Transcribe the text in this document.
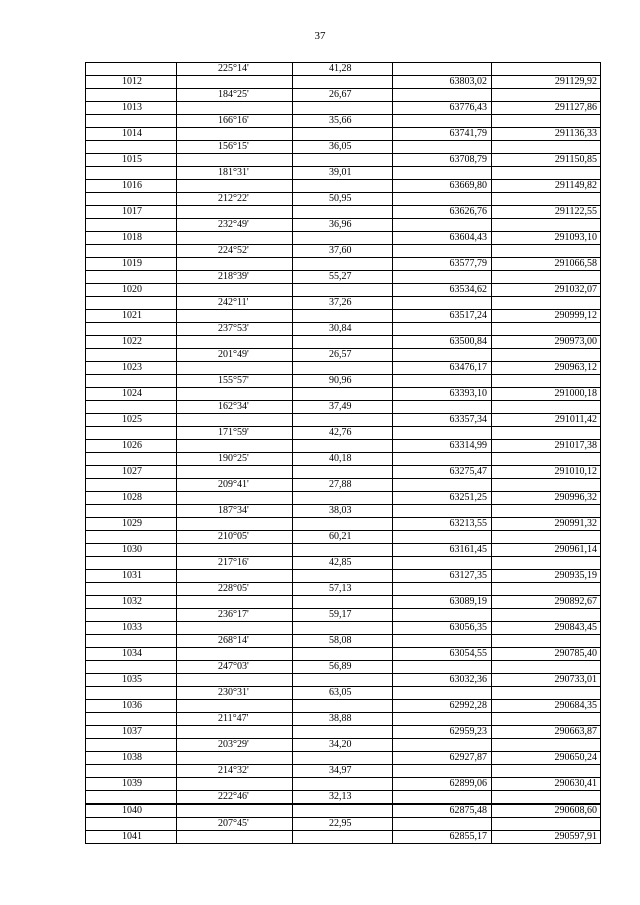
37
	225°14'	41,28		
1012			63803,02	291129,92
	184°25'	26,67		
1013			63776,43	291127,86
	166°16'	35,66		
1014			63741,79	291136,33
	156°15'	36,05		
1015			63708,79	291150,85
	181°31'	39,01		
1016			63669,80	291149,82
	212°22'	50,95		
1017			63626,76	291122,55
	232°49'	36,96		
1018			63604,43	291093,10
	224°52'	37,60		
1019			63577,79	291066,58
	218°39'	55,27		
1020			63534,62	291032,07
	242°11'	37,26		
1021			63517,24	290999,12
	237°53'	30,84		
1022			63500,84	290973,00
	201°49'	26,57		
1023			63476,17	290963,12
	155°57'	90,96		
1024			63393,10	291000,18
	162°34'	37,49		
1025			63357,34	291011,42
	171°59'	42,76		
1026			63314,99	291017,38
	190°25'	40,18		
1027			63275,47	291010,12
	209°41'	27,88		
1028			63251,25	290996,32
	187°34'	38,03		
1029			63213,55	290991,32
	210°05'	60,21		
1030			63161,45	290961,14
	217°16'	42,85		
1031			63127,35	290935,19
	228°05'	57,13		
1032			63089,19	290892,67
	236°17'	59,17		
1033			63056,35	290843,45
	268°14'	58,08		
1034			63054,55	290785,40
	247°03'	56,89		
1035			63032,36	290733,01
	230°31'	63,05		
1036			62992,28	290684,35
	211°47'	38,88		
1037			62959,23	290663,87
	203°29'	34,20		
1038			62927,87	290650,24
	214°32'	34,97		
1039			62899,06	290630,41
	222°46'	32,13		
1040			62875,48	290608,60
	207°45'	22,95		
1041			62855,17	290597,91
